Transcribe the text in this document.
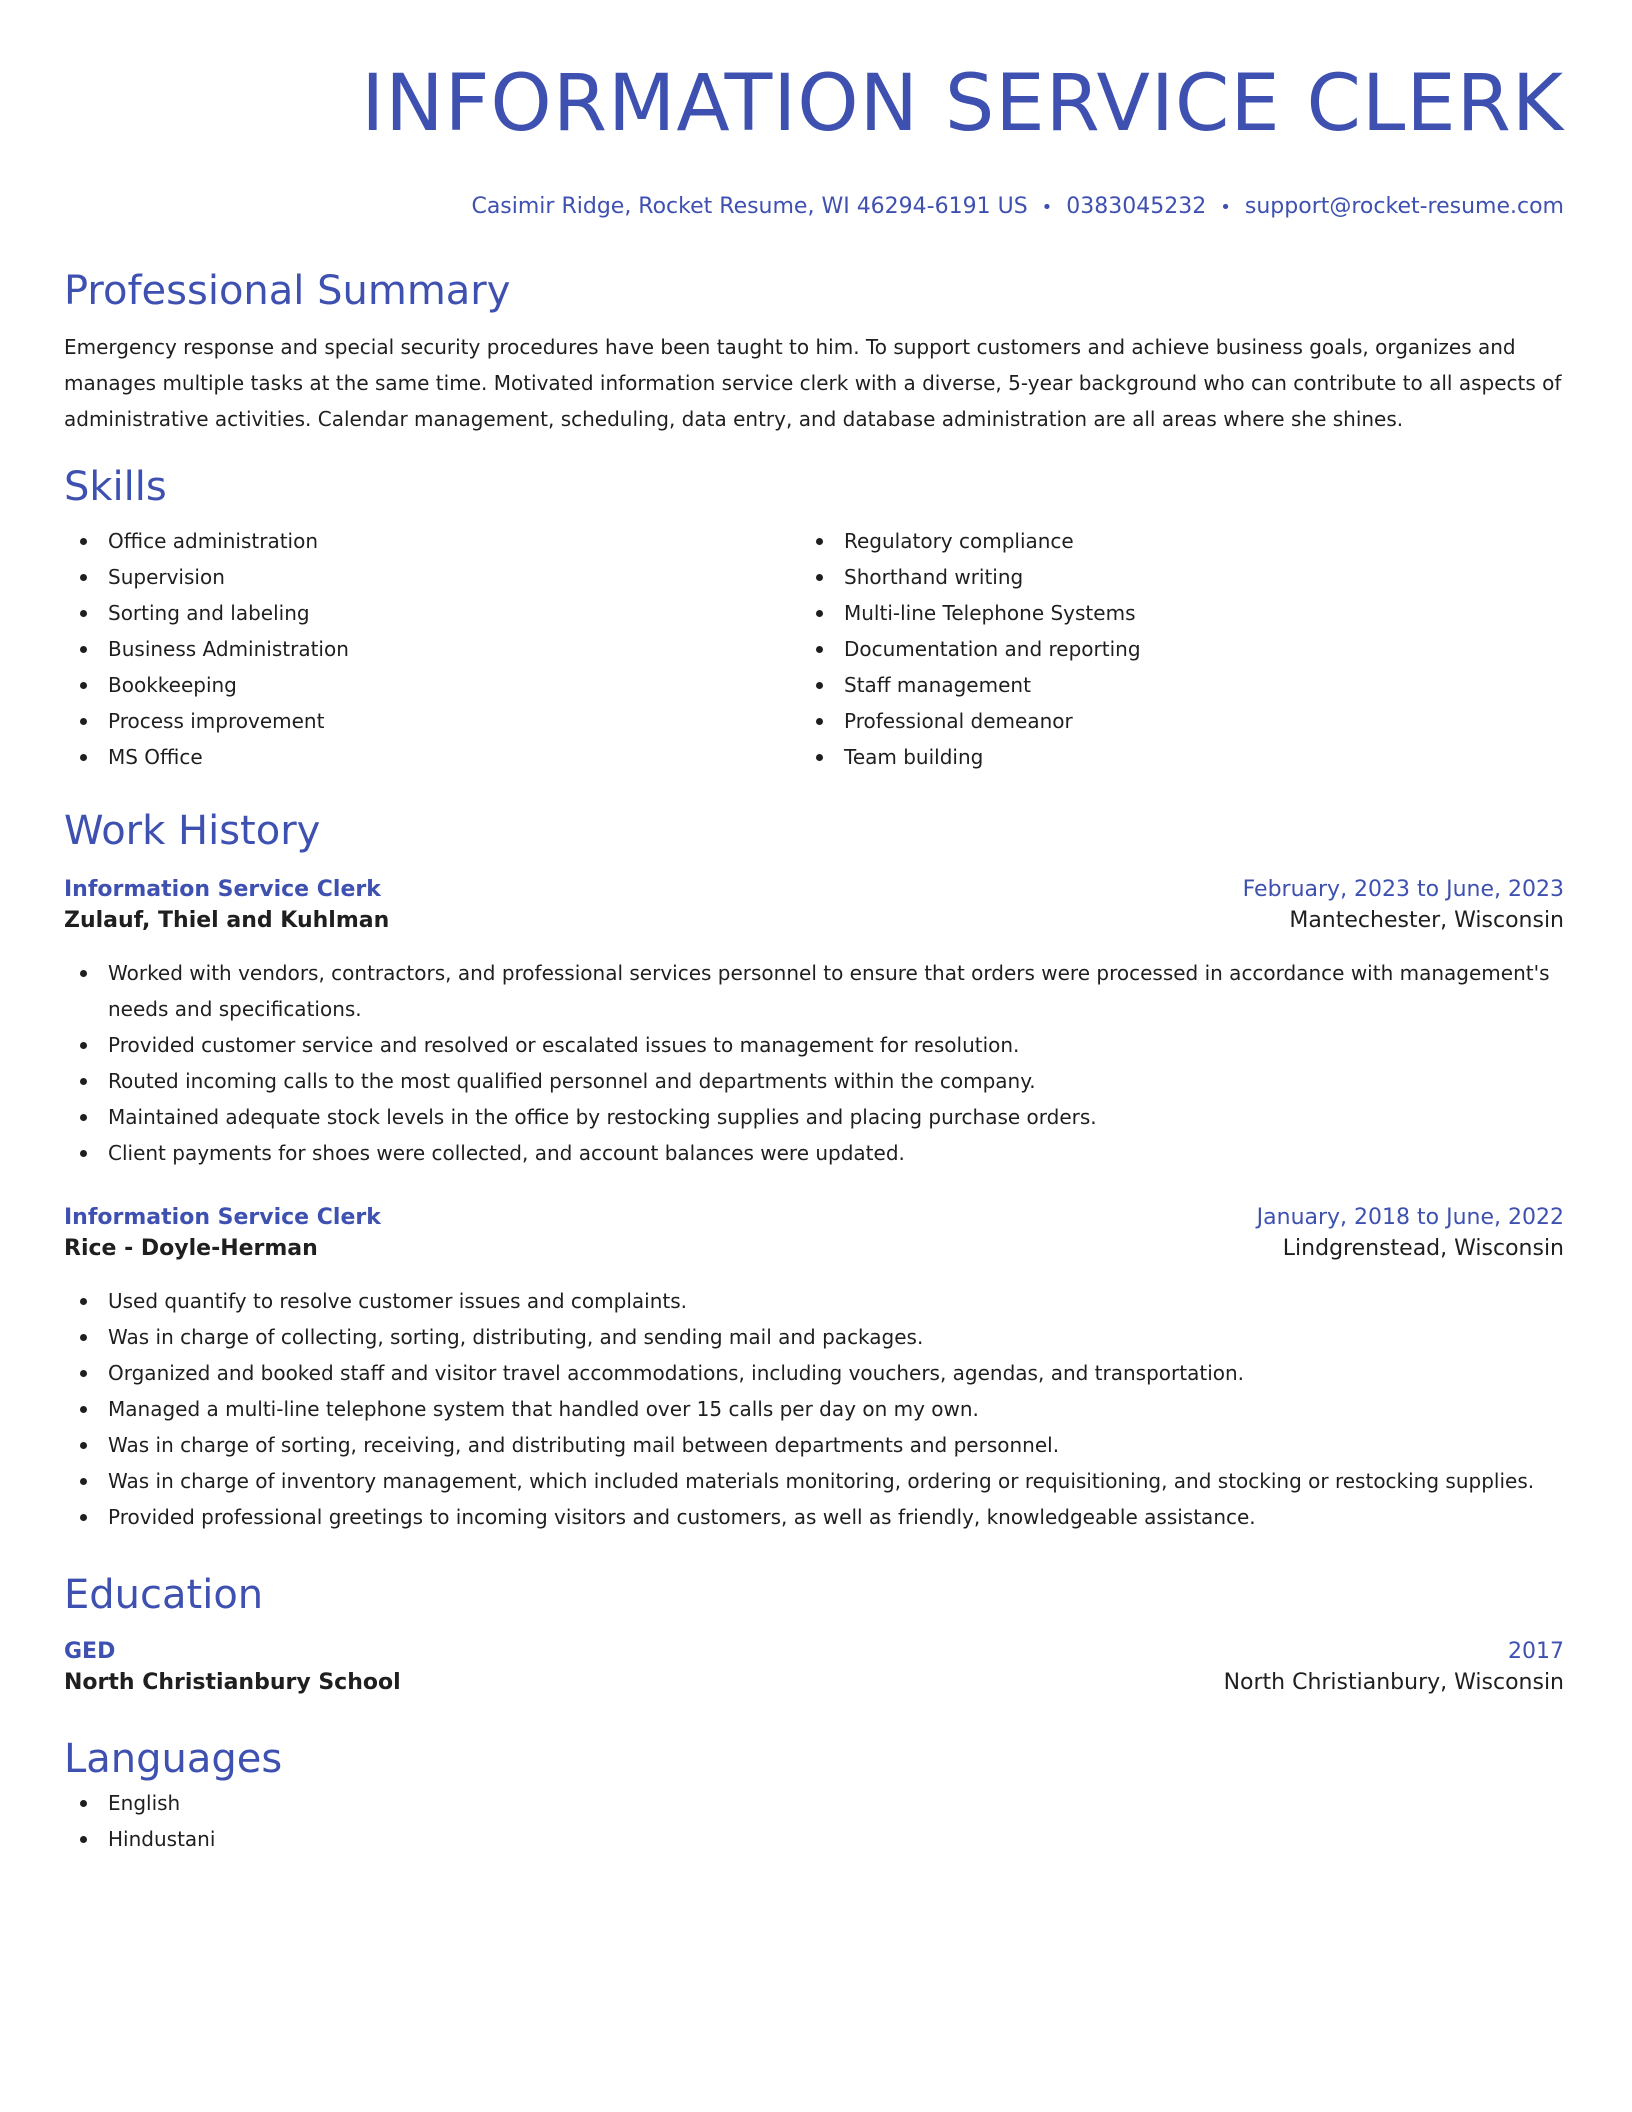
INFORMATION SERVICE CLERK
Casimir Ridge, Rocket Resume, WI 46294-6191 US • 0383045232 • support@rocket-resume.com
Professional Summary
Emergency response and special security procedures have been taught to him. To support customers and achieve business goals, organizes and manages multiple tasks at the same time. Motivated information service clerk with a diverse, 5-year background who can contribute to all aspects of administrative activities. Calendar management, scheduling, data entry, and database administration are all areas where she shines.
Skills
Office administration
Supervision
Sorting and labeling
Business Administration
Bookkeeping
Process improvement
MS Office
Regulatory compliance
Shorthand writing
Multi-line Telephone Systems
Documentation and reporting
Staff management
Professional demeanor
Team building
Work History
Information Service Clerk	February, 2023 to June, 2023
Zulauf, Thiel and Kuhlman	Mantechester, Wisconsin
Worked with vendors, contractors, and professional services personnel to ensure that orders were processed in accordance with management's needs and specifications.
Provided customer service and resolved or escalated issues to management for resolution.
Routed incoming calls to the most qualified personnel and departments within the company.
Maintained adequate stock levels in the office by restocking supplies and placing purchase orders.
Client payments for shoes were collected, and account balances were updated.
Information Service Clerk	January, 2018 to June, 2022
Rice - Doyle-Herman	Lindgrenstead, Wisconsin
Used quantify to resolve customer issues and complaints.
Was in charge of collecting, sorting, distributing, and sending mail and packages.
Organized and booked staff and visitor travel accommodations, including vouchers, agendas, and transportation.
Managed a multi-line telephone system that handled over 15 calls per day on my own.
Was in charge of sorting, receiving, and distributing mail between departments and personnel.
Was in charge of inventory management, which included materials monitoring, ordering or requisitioning, and stocking or restocking supplies.
Provided professional greetings to incoming visitors and customers, as well as friendly, knowledgeable assistance.
Education
GED	2017
North Christianbury School	North Christianbury, Wisconsin
Languages
English
Hindustani
